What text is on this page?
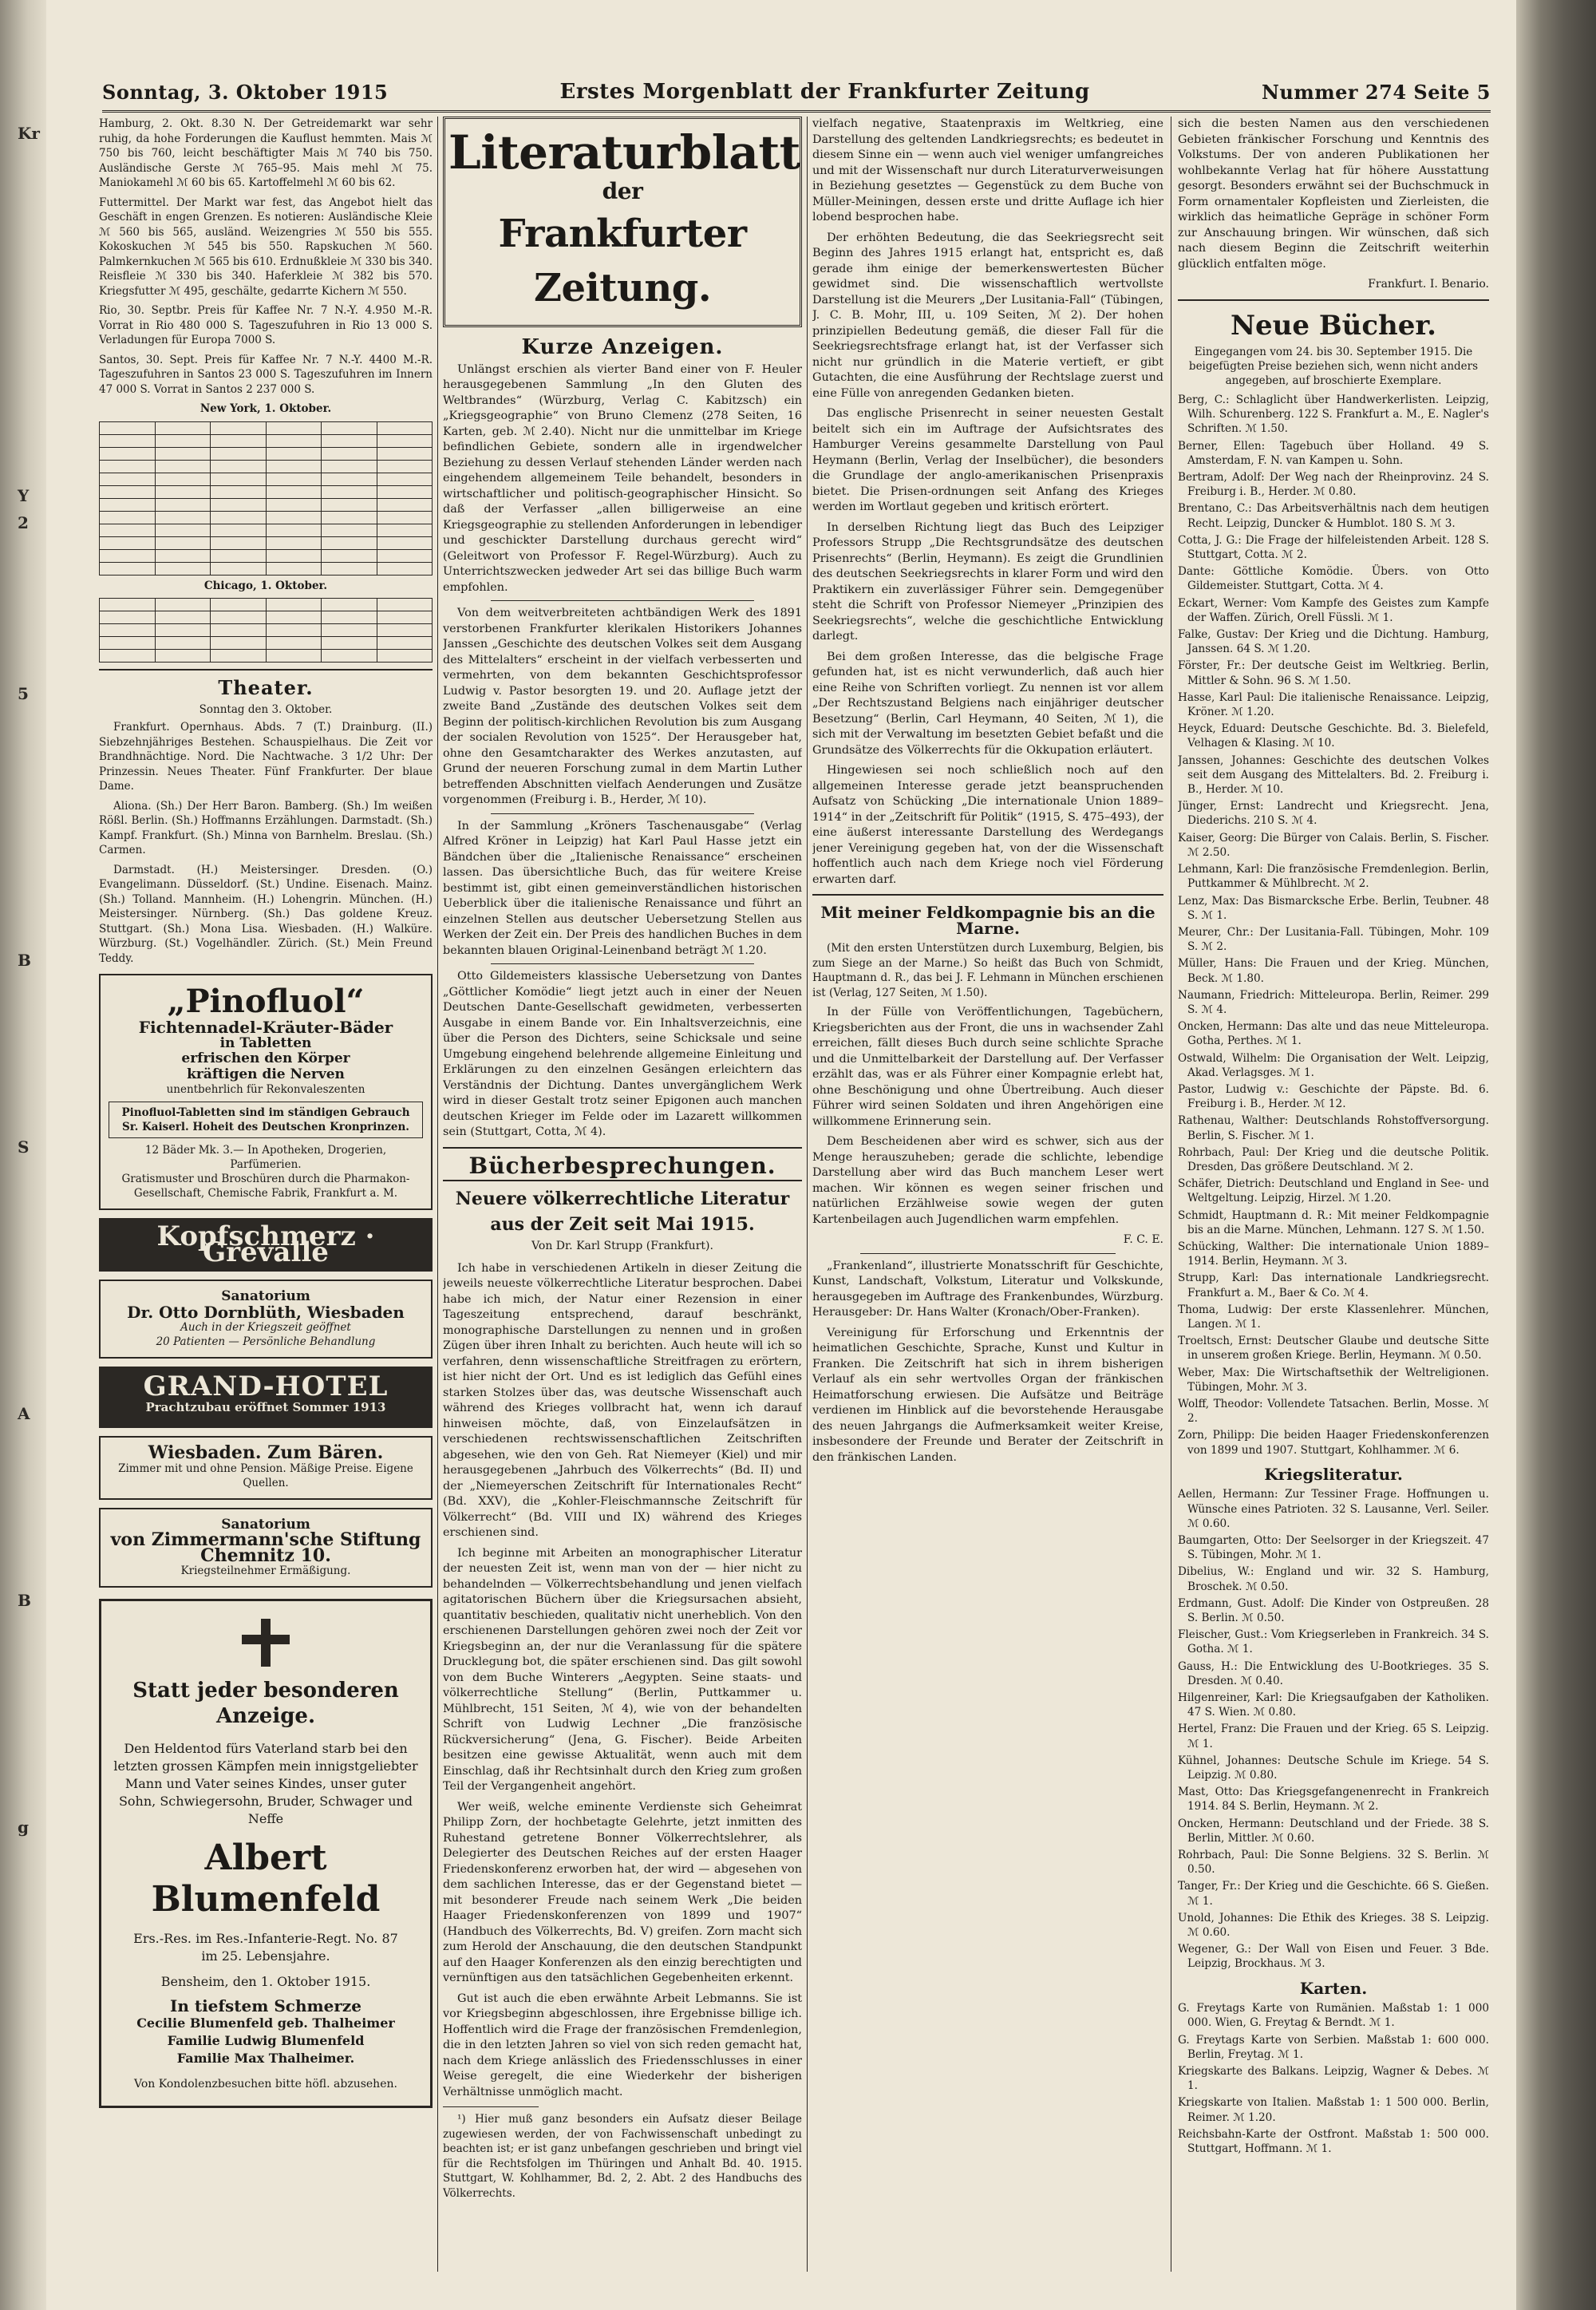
Kr

Y

2

5

B

S

A

B

g

Sonntag, 3. Oktober 1915	Erstes Morgenblatt der Frankfurter Zeitung	Nummer 274 Seite 5

Hamburg, 2. Okt. 8.30 N. Der Getreidemarkt war sehr ruhig, da hohe Forderungen die Kauflust hemmten. Mais ℳ 750 bis 760, leicht beschäftigter Mais ℳ 740 bis 750. Ausländische Gerste ℳ 765–95. Mais mehl ℳ 75. Maniokamehl ℳ 60 bis 65. Kartoffelmehl ℳ 60 bis 62.

Futtermittel. Der Markt war fest, das Angebot hielt das Geschäft in engen Grenzen. Es notieren: Ausländische Kleie ℳ 560 bis 565, ausländ. Weizengries ℳ 550 bis 555. Kokoskuchen ℳ 545 bis 550. Rapskuchen ℳ 560. Palmkernkuchen ℳ 565 bis 610. Erdnußkleie ℳ 330 bis 340. Reisfleie ℳ 330 bis 340. Haferkleie ℳ 382 bis 570. Kriegsfutter ℳ 495, geschälte, gedarrte Kichern ℳ 550.

Rio, 30. Septbr. Preis für Kaffee Nr. 7 N.-Y. 4.950 M.-R. Vorrat in Rio 480 000 S. Tageszufuhren in Rio 13 000 S. Verladungen für Europa 7000 S.

Santos, 30. Sept. Preis für Kaffee Nr. 7 N.-Y. 4400 M.-R. Tageszufuhren in Santos 23 000 S. Tageszufuhren im Innern 47 000 S. Vorrat in Santos 2 237 000 S.

New York, 1. Oktober.

Chicago, 1. Oktober.

Theater.
Sonntag den 3. Oktober.

Frankfurt. Opernhaus. Abds. 7 (T.) Drainburg. (II.) Siebzehnjähriges Bestehen. Schauspielhaus. Die Zeit vor Brandhnächtige. Nord. Die Nachtwache. 3 1/2 Uhr: Der Prinzessin. Neues Theater. Fünf Frankfurter. Der blaue Dame.

Aliona. (Sh.) Der Herr Baron. Bamberg. (Sh.) Im weißen Rößl. Berlin. (Sh.) Hoffmanns Erzählungen. Darmstadt. (Sh.) Kampf. Frankfurt. (Sh.) Minna von Barnhelm. Breslau. (Sh.) Carmen.

Darmstadt. (H.) Meistersinger. Dresden. (O.) Evangelimann. Düsseldorf. (St.) Undine. Eisenach. Mainz. (Sh.) Tolland. Mannheim. (H.) Lohengrin. München. (H.) Meistersinger. Nürnberg. (Sh.) Das goldene Kreuz. Stuttgart. (Sh.) Mona Lisa. Wiesbaden. (H.) Walküre. Würzburg. (St.) Vogelhändler. Zürich. (St.) Mein Freund Teddy.

„Pinofluol“
Fichtennadel-Kräuter-Bäder
in Tabletten
erfrischen den Körper
kräftigen die Nerven
unentbehrlich für Rekonvaleszenten
Pinofluol-Tabletten sind im ständigen Gebrauch Sr. Kaiserl. Hoheit des Deutschen Kronprinzen.
12 Bäder Mk. 3.— In Apotheken, Drogerien, Parfümerien.
Gratismuster und Broschüren durch die Pharmakon-Gesellschaft, Chemische Fabrik, Frankfurt a. M.
Kopfschmerz · Grevalle
Sanatorium
Dr. Otto Dornblüth, Wiesbaden
Auch in der Kriegszeit geöffnet
20 Patienten — Persönliche Behandlung
GRAND-HOTEL
Prachtzubau eröffnet Sommer 1913
Wiesbaden. Zum Bären.
Zimmer mit und ohne Pension. Mäßige Preise. Eigene Quellen.
Sanatorium
von Zimmermann'sche Stiftung
Chemnitz 10.
Kriegsteilnehmer Ermäßigung.
Statt jeder besonderen Anzeige.
Den Heldentod fürs Vaterland starb bei den letzten grossen Kämpfen mein innigstgeliebter Mann und Vater seines Kindes, unser guter Sohn, Schwiegersohn, Bruder, Schwager und Neffe
Albert Blumenfeld
Ers.-Res. im Res.-Infanterie-Regt. No. 87
im 25. Lebensjahre.
Bensheim, den 1. Oktober 1915.
In tiefstem Schmerze
Cecilie Blumenfeld geb. Thalheimer
Familie Ludwig Blumenfeld
Familie Max Thalheimer.
Von Kondolenzbesuchen bitte höfl. abzusehen.
Literaturblatt
der
Frankfurter Zeitung.
Kurze Anzeigen.

Unlängst erschien als vierter Band einer von F. Heuler herausgegebenen Sammlung „In den Gluten des Weltbrandes“ (Würzburg, Verlag C. Kabitzsch) ein „Kriegsgeographie“ von Bruno Clemenz (278 Seiten, 16 Karten, geb. ℳ 2.40). Nicht nur die unmittelbar im Kriege befindlichen Gebiete, sondern alle in irgendwelcher Beziehung zu dessen Verlauf stehenden Länder werden nach eingehendem allgemeinem Teile behandelt, besonders in wirtschaftlicher und politisch-geographischer Hinsicht. So daß der Verfasser „allen billigerweise an eine Kriegsgeographie zu stellenden Anforderungen in lebendiger und geschickter Darstellung durchaus gerecht wird“ (Geleitwort von Professor F. Regel-Würzburg). Auch zu Unterrichtszwecken jedweder Art sei das billige Buch warm empfohlen.

Von dem weitverbreiteten achtbändigen Werk des 1891 verstorbenen Frankfurter klerikalen Historikers Johannes Janssen „Geschichte des deutschen Volkes seit dem Ausgang des Mittelalters“ erscheint in der vielfach verbesserten und vermehrten, von dem bekannten Geschichtsprofessor Ludwig v. Pastor besorgten 19. und 20. Auflage jetzt der zweite Band „Zustände des deutschen Volkes seit dem Beginn der politisch-kirchlichen Revolution bis zum Ausgang der socialen Revolution von 1525“. Der Herausgeber hat, ohne den Gesamtcharakter des Werkes anzutasten, auf Grund der neueren Forschung zumal in dem Martin Luther betreffenden Abschnitten vielfach Aenderungen und Zusätze vorgenommen (Freiburg i. B., Herder, ℳ 10).

In der Sammlung „Kröners Taschenausgabe“ (Verlag Alfred Kröner in Leipzig) hat Karl Paul Hasse jetzt ein Bändchen über die „Italienische Renaissance“ erscheinen lassen. Das übersichtliche Buch, das für weitere Kreise bestimmt ist, gibt einen gemeinverständlichen historischen Ueberblick über die italienische Renaissance und führt an einzelnen Stellen aus deutscher Uebersetzung Stellen aus Werken der Zeit ein. Der Preis des handlichen Buches in dem bekannten blauen Original-Leinenband beträgt ℳ 1.20.

Otto Gildemeisters klassische Uebersetzung von Dantes „Göttlicher Komödie“ liegt jetzt auch in einer der Neuen Deutschen Dante-Gesellschaft gewidmeten, verbesserten Ausgabe in einem Bande vor. Ein Inhaltsverzeichnis, eine über die Person des Dichters, seine Schicksale und seine Umgebung eingehend belehrende allgemeine Einleitung und Erklärungen zu den einzelnen Gesängen erleichtern das Verständnis der Dichtung. Dantes unvergänglichem Werk wird in dieser Gestalt trotz seiner Epigonen auch manchen deutschen Krieger im Felde oder im Lazarett willkommen sein (Stuttgart, Cotta, ℳ 4).

Bücherbesprechungen.
Neuere völkerrechtliche Literatur
aus der Zeit seit Mai 1915.
Von Dr. Karl Strupp (Frankfurt).

Ich habe in verschiedenen Artikeln in dieser Zeitung die jeweils neueste völkerrechtliche Literatur besprochen. Dabei habe ich mich, der Natur einer Rezension in einer Tageszeitung entsprechend, darauf beschränkt, monographische Darstellungen zu nennen und in großen Zügen über ihren Inhalt zu berichten. Auch heute will ich so verfahren, denn wissenschaftliche Streitfragen zu erörtern, ist hier nicht der Ort. Und es ist lediglich das Gefühl eines starken Stolzes über das, was deutsche Wissenschaft auch während des Krieges vollbracht hat, wenn ich darauf hinweisen möchte, daß, von Einzelaufsätzen in verschiedenen rechtswissenschaftlichen Zeitschriften abgesehen, wie den von Geh. Rat Niemeyer (Kiel) und mir herausgegebenen „Jahrbuch des Völkerrechts“ (Bd. II) und der „Niemeyerschen Zeitschrift für Internationales Recht“ (Bd. XXV), die „Kohler-Fleischmannsche Zeitschrift für Völkerrecht“ (Bd. VIII und IX) während des Krieges erschienen sind.

Ich beginne mit Arbeiten an monographischer Literatur der neuesten Zeit ist, wenn man von der — hier nicht zu behandelnden — Völkerrechtsbehandlung und jenen vielfach agitatorischen Büchern über die Kriegsursachen absieht, quantitativ beschieden, qualitativ nicht unerheblich. Von den erschienenen Darstellungen gehören zwei noch der Zeit vor Kriegsbeginn an, der nur die Veranlassung für die spätere Drucklegung bot, die später erschienen sind. Das gilt sowohl von dem Buche Winterers „Aegypten. Seine staats- und völkerrechtliche Stellung“ (Berlin, Puttkammer u. Mühlbrecht, 151 Seiten, ℳ 4), wie von der behandelten Schrift von Ludwig Lechner „Die französische Rückversicherung“ (Jena, G. Fischer). Beide Arbeiten besitzen eine gewisse Aktualität, wenn auch mit dem Einschlag, daß ihr Rechtsinhalt durch den Krieg zum großen Teil der Vergangenheit angehört.

Wer weiß, welche eminente Verdienste sich Geheimrat Philipp Zorn, der hochbetagte Gelehrte, jetzt inmitten des Ruhestand getretene Bonner Völkerrechtslehrer, als Delegierter des Deutschen Reiches auf der ersten Haager Friedenskonferenz erworben hat, der wird — abgesehen von dem sachlichen Interesse, das er der Gegenstand bietet — mit besonderer Freude nach seinem Werk „Die beiden Haager Friedenskonferenzen von 1899 und 1907“ (Handbuch des Völkerrechts, Bd. V) greifen. Zorn macht sich zum Herold der Anschauung, die den deutschen Standpunkt auf den Haager Konferenzen als den einzig berechtigten und vernünftigen aus den tatsächlichen Gegebenheiten erkennt.

Gut ist auch die eben erwähnte Arbeit Lebmanns. Sie ist vor Kriegsbeginn abgeschlossen, ihre Ergebnisse billige ich. Hoffentlich wird die Frage der französischen Fremdenlegion, die in den letzten Jahren so viel von sich reden gemacht hat, nach dem Kriege anlässlich des Friedensschlusses in einer Weise geregelt, die eine Wiederkehr der bisherigen Verhältnisse unmöglich macht.

¹) Hier muß ganz besonders ein Aufsatz dieser Beilage zugewiesen werden, der von Fachwissenschaft unbedingt zu beachten ist; er ist ganz unbefangen geschrieben und bringt viel für die Rechtsfolgen im Thüringen und Anhalt Bd. 40. 1915. Stuttgart, W. Kohlhammer, Bd. 2, 2. Abt. 2 des Handbuchs des Völkerrechts.

vielfach negative, Staatenpraxis im Weltkrieg, eine Darstellung des geltenden Landkriegsrechts; es bedeutet in diesem Sinne ein — wenn auch viel weniger umfangreiches und mit der Wissenschaft nur durch Literaturverweisungen in Beziehung gesetztes — Gegenstück zu dem Buche von Müller-Meiningen, dessen erste und dritte Auflage ich hier lobend besprochen habe.

Der erhöhten Bedeutung, die das Seekriegsrecht seit Beginn des Jahres 1915 erlangt hat, entspricht es, daß gerade ihm einige der bemerkenswertesten Bücher gewidmet sind. Die wissenschaftlich wertvollste Darstellung ist die Meurers „Der Lusitania-Fall“ (Tübingen, J. C. B. Mohr, III, u. 109 Seiten, ℳ 2). Der hohen prinzipiellen Bedeutung gemäß, die dieser Fall für die Seekriegsrechtsfrage erlangt hat, ist der Verfasser sich nicht nur gründlich in die Materie vertieft, er gibt Gutachten, die eine Ausführung der Rechtslage zuerst und eine Fülle von anregenden Gedanken bieten.

Das englische Prisenrecht in seiner neuesten Gestalt beitelt sich ein im Auftrage der Aufsichtsrates des Hamburger Vereins gesammelte Darstellung von Paul Heymann (Berlin, Verlag der Inselbücher), die besonders die Grundlage der anglo-amerikanischen Prisenpraxis bietet. Die Prisen-ordnungen seit Anfang des Krieges werden im Wortlaut gegeben und kritisch erörtert.

In derselben Richtung liegt das Buch des Leipziger Professors Strupp „Die Rechtsgrundsätze des deutschen Prisenrechts“ (Berlin, Heymann). Es zeigt die Grundlinien des deutschen Seekriegsrechts in klarer Form und wird den Praktikern ein zuverlässiger Führer sein. Demgegenüber steht die Schrift von Professor Niemeyer „Prinzipien des Seekriegsrechts“, welche die geschichtliche Entwicklung darlegt.

Bei dem großen Interesse, das die belgische Frage gefunden hat, ist es nicht verwunderlich, daß auch hier eine Reihe von Schriften vorliegt. Zu nennen ist vor allem „Der Rechtszustand Belgiens nach einjähriger deutscher Besetzung“ (Berlin, Carl Heymann, 40 Seiten, ℳ 1), die sich mit der Verwaltung im besetzten Gebiet befaßt und die Grundsätze des Völkerrechts für die Okkupation erläutert.

Hingewiesen sei noch schließlich noch auf den allgemeinen Interesse gerade jetzt beanspruchenden Aufsatz von Schücking „Die internationale Union 1889–1914“ in der „Zeitschrift für Politik“ (1915, S. 475–493), der eine äußerst interessante Darstellung des Werdegangs jener Vereinigung gegeben hat, von der die Wissenschaft hoffentlich auch nach dem Kriege noch viel Förderung erwarten darf.

Mit meiner Feldkompagnie bis an die Marne.

(Mit den ersten Unterstützen durch Luxemburg, Belgien, bis zum Siege an der Marne.) So heißt das Buch von Schmidt, Hauptmann d. R., das bei J. F. Lehmann in München erschienen ist (Verlag, 127 Seiten, ℳ 1.50).

In der Fülle von Veröffentlichungen, Tagebüchern, Kriegsberichten aus der Front, die uns in wachsender Zahl erreichen, fällt dieses Buch durch seine schlichte Sprache und die Unmittelbarkeit der Darstellung auf. Der Verfasser erzählt das, was er als Führer einer Kompagnie erlebt hat, ohne Beschönigung und ohne Übertreibung. Auch dieser Führer wird seinen Soldaten und ihren Angehörigen eine willkommene Erinnerung sein.

Dem Bescheidenen aber wird es schwer, sich aus der Menge herauszuheben; gerade die schlichte, lebendige Darstellung aber wird das Buch manchem Leser wert machen. Wir können es wegen seiner frischen und natürlichen Erzählweise sowie wegen der guten Kartenbeilagen auch Jugendlichen warm empfehlen.

F. C. E.

„Frankenland“, illustrierte Monatsschrift für Geschichte, Kunst, Landschaft, Volkstum, Literatur und Volkskunde, herausgegeben im Auftrage des Frankenbundes, Würzburg. Herausgeber: Dr. Hans Walter (Kronach/Ober-Franken).

Vereinigung für Erforschung und Erkenntnis der heimatlichen Geschichte, Sprache, Kunst und Kultur in Franken. Die Zeitschrift hat sich in ihrem bisherigen Verlauf als ein sehr wertvolles Organ der fränkischen Heimatforschung erwiesen. Die Aufsätze und Beiträge verdienen im Hinblick auf die bevorstehende Herausgabe des neuen Jahrgangs die Aufmerksamkeit weiter Kreise, insbesondere der Freunde und Berater der Zeitschrift in den fränkischen Landen.

sich die besten Namen aus den verschiedenen Gebieten fränkischer Forschung und Kenntnis des Volkstums. Der von anderen Publikationen her wohlbekannte Verlag hat für höhere Ausstattung gesorgt. Besonders erwähnt sei der Buchschmuck in Form ornamentaler Kopfleisten und Zierleisten, die wirklich das heimatliche Gepräge in schöner Form zur Anschauung bringen. Wir wünschen, daß sich nach diesem Beginn die Zeitschrift weiterhin glücklich entfalten möge.

Frankfurt. I. Benario.
Neue Bücher.
Eingegangen vom 24. bis 30. September 1915. Die beigefügten Preise beziehen sich, wenn nicht anders angegeben, auf broschierte Exemplare.

Berg, C.: Schlaglicht über Handwerkerlisten. Leipzig, Wilh. Schurenberg. 122 S. Frankfurt a. M., E. Nagler's Schriften. ℳ 1.50.

Berner, Ellen: Tagebuch über Holland. 49 S. Amsterdam, F. N. van Kampen u. Sohn.

Bertram, Adolf: Der Weg nach der Rheinprovinz. 24 S. Freiburg i. B., Herder. ℳ 0.80.

Brentano, C.: Das Arbeitsverhältnis nach dem heutigen Recht. Leipzig, Duncker & Humblot. 180 S. ℳ 3.

Cotta, J. G.: Die Frage der hilfeleistenden Arbeit. 128 S. Stuttgart, Cotta. ℳ 2.

Dante: Göttliche Komödie. Übers. von Otto Gildemeister. Stuttgart, Cotta. ℳ 4.

Eckart, Werner: Vom Kampfe des Geistes zum Kampfe der Waffen. Zürich, Orell Füssli. ℳ 1.

Falke, Gustav: Der Krieg und die Dichtung. Hamburg, Janssen. 64 S. ℳ 1.20.

Förster, Fr.: Der deutsche Geist im Weltkrieg. Berlin, Mittler & Sohn. 96 S. ℳ 1.50.

Hasse, Karl Paul: Die italienische Renaissance. Leipzig, Kröner. ℳ 1.20.

Heyck, Eduard: Deutsche Geschichte. Bd. 3. Bielefeld, Velhagen & Klasing. ℳ 10.

Janssen, Johannes: Geschichte des deutschen Volkes seit dem Ausgang des Mittelalters. Bd. 2. Freiburg i. B., Herder. ℳ 10.

Jünger, Ernst: Landrecht und Kriegsrecht. Jena, Diederichs. 210 S. ℳ 4.

Kaiser, Georg: Die Bürger von Calais. Berlin, S. Fischer. ℳ 2.50.

Lehmann, Karl: Die französische Fremdenlegion. Berlin, Puttkammer & Mühlbrecht. ℳ 2.

Lenz, Max: Das Bismarcksche Erbe. Berlin, Teubner. 48 S. ℳ 1.

Meurer, Chr.: Der Lusitania-Fall. Tübingen, Mohr. 109 S. ℳ 2.

Müller, Hans: Die Frauen und der Krieg. München, Beck. ℳ 1.80.

Naumann, Friedrich: Mitteleuropa. Berlin, Reimer. 299 S. ℳ 4.

Oncken, Hermann: Das alte und das neue Mitteleuropa. Gotha, Perthes. ℳ 1.

Ostwald, Wilhelm: Die Organisation der Welt. Leipzig, Akad. Verlagsges. ℳ 1.

Pastor, Ludwig v.: Geschichte der Päpste. Bd. 6. Freiburg i. B., Herder. ℳ 12.

Rathenau, Walther: Deutschlands Rohstoffversorgung. Berlin, S. Fischer. ℳ 1.

Rohrbach, Paul: Der Krieg und die deutsche Politik. Dresden, Das größere Deutschland. ℳ 2.

Schäfer, Dietrich: Deutschland und England in See- und Weltgeltung. Leipzig, Hirzel. ℳ 1.20.

Schmidt, Hauptmann d. R.: Mit meiner Feldkompagnie bis an die Marne. München, Lehmann. 127 S. ℳ 1.50.

Schücking, Walther: Die internationale Union 1889–1914. Berlin, Heymann. ℳ 3.

Strupp, Karl: Das internationale Landkriegsrecht. Frankfurt a. M., Baer & Co. ℳ 4.

Thoma, Ludwig: Der erste Klassenlehrer. München, Langen. ℳ 1.

Troeltsch, Ernst: Deutscher Glaube und deutsche Sitte in unserem großen Kriege. Berlin, Heymann. ℳ 0.50.

Weber, Max: Die Wirtschaftsethik der Weltreligionen. Tübingen, Mohr. ℳ 3.

Wolff, Theodor: Vollendete Tatsachen. Berlin, Mosse. ℳ 2.

Zorn, Philipp: Die beiden Haager Friedenskonferenzen von 1899 und 1907. Stuttgart, Kohlhammer. ℳ 6.

Kriegsliteratur.

Aellen, Hermann: Zur Tessiner Frage. Hoffnungen u. Wünsche eines Patrioten. 32 S. Lausanne, Verl. Seiler. ℳ 0.60.

Baumgarten, Otto: Der Seelsorger in der Kriegszeit. 47 S. Tübingen, Mohr. ℳ 1.

Dibelius, W.: England und wir. 32 S. Hamburg, Broschek. ℳ 0.50.

Erdmann, Gust. Adolf: Die Kinder von Ostpreußen. 28 S. Berlin. ℳ 0.50.

Fleischer, Gust.: Vom Kriegserleben in Frankreich. 34 S. Gotha. ℳ 1.

Gauss, H.: Die Entwicklung des U-Bootkrieges. 35 S. Dresden. ℳ 0.40.

Hilgenreiner, Karl: Die Kriegsaufgaben der Katholiken. 47 S. Wien. ℳ 0.80.

Hertel, Franz: Die Frauen und der Krieg. 65 S. Leipzig. ℳ 1.

Kühnel, Johannes: Deutsche Schule im Kriege. 54 S. Leipzig. ℳ 0.80.

Mast, Otto: Das Kriegsgefangenenrecht in Frankreich 1914. 84 S. Berlin, Heymann. ℳ 2.

Oncken, Hermann: Deutschland und der Friede. 38 S. Berlin, Mittler. ℳ 0.60.

Rohrbach, Paul: Die Sonne Belgiens. 32 S. Berlin. ℳ 0.50.

Tanger, Fr.: Der Krieg und die Geschichte. 66 S. Gießen. ℳ 1.

Unold, Johannes: Die Ethik des Krieges. 38 S. Leipzig. ℳ 0.60.

Wegener, G.: Der Wall von Eisen und Feuer. 3 Bde. Leipzig, Brockhaus. ℳ 3.

Karten.

G. Freytags Karte von Rumänien. Maßstab 1: 1 000 000. Wien, G. Freytag & Berndt. ℳ 1.

G. Freytags Karte von Serbien. Maßstab 1: 600 000. Berlin, Freytag. ℳ 1.

Kriegskarte des Balkans. Leipzig, Wagner & Debes. ℳ 1.

Kriegskarte von Italien. Maßstab 1: 1 500 000. Berlin, Reimer. ℳ 1.20.

Reichsbahn-Karte der Ostfront. Maßstab 1: 500 000. Stuttgart, Hoffmann. ℳ 1.
